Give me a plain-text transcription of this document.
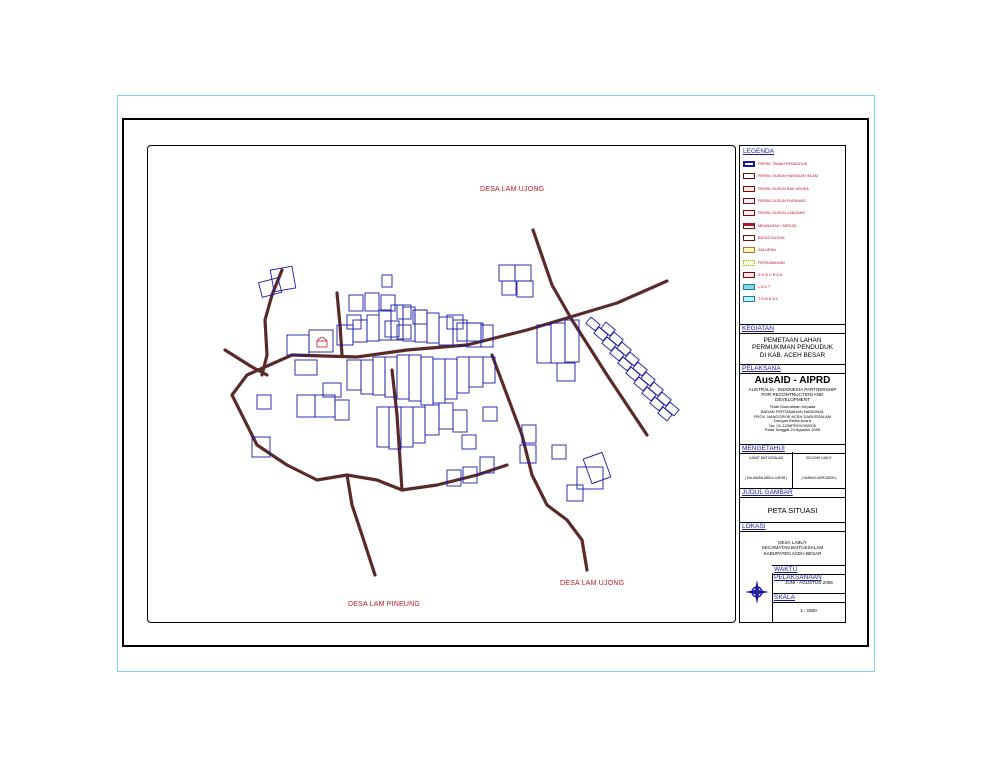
DESA LAM UJONG
DESA LAM PINEUNG
DESA LAM UJONG
LEGENDA
PERSIL TANAH PENDUDUK
PERSIL DUSUN HANSUAN ISLAM
PERSIL DUSUN BAK KRUEA
PERSIL DUSUN PURBANG
PERSIL DUSUN LANCANG
MEUNASAH / MESJID
BATAS DUSUN
SALURAN
PERSAWAHAN
K U B U R A N
L A U T
T A M B A K
KEGIATAN
PEMETAAN LAHAN
PERMUKIMAN PENDUDUK
DI KAB. ACEH BESAR
PELAKSANA
AusAID - AIPRD
AUSTRALIA - INDONESIA PARTNERSHIP
FOR RECONTRUCTION AND
DEVELOPMENT
Telah Diserahkan Kepada
BADAN PERTANAHAN NASIONAL
PROV. NANGGROE ACEH DARUSSALAM
Dengan Berita Acara
No. 01-12/MPROV/II/2005
Pada Tanggal 24 Agustus 2005
MENGETAHUI
CAMAT BAITUSSALAM	KEUCHIK LABUY
( SULAIMAN ABDUL KARIM )	( NANNAS ARIFUDDIN )
JUDUL GAMBAR
PETA SITUASI
LOKASI
DESA LABUY
KECAMATAN BAITUSSALAM
KABUPATEN ACEH BESAR
WAKTU PELAKSANAAN
JUNI - AGUSTUS 2005
SKALA
1 : 1500
